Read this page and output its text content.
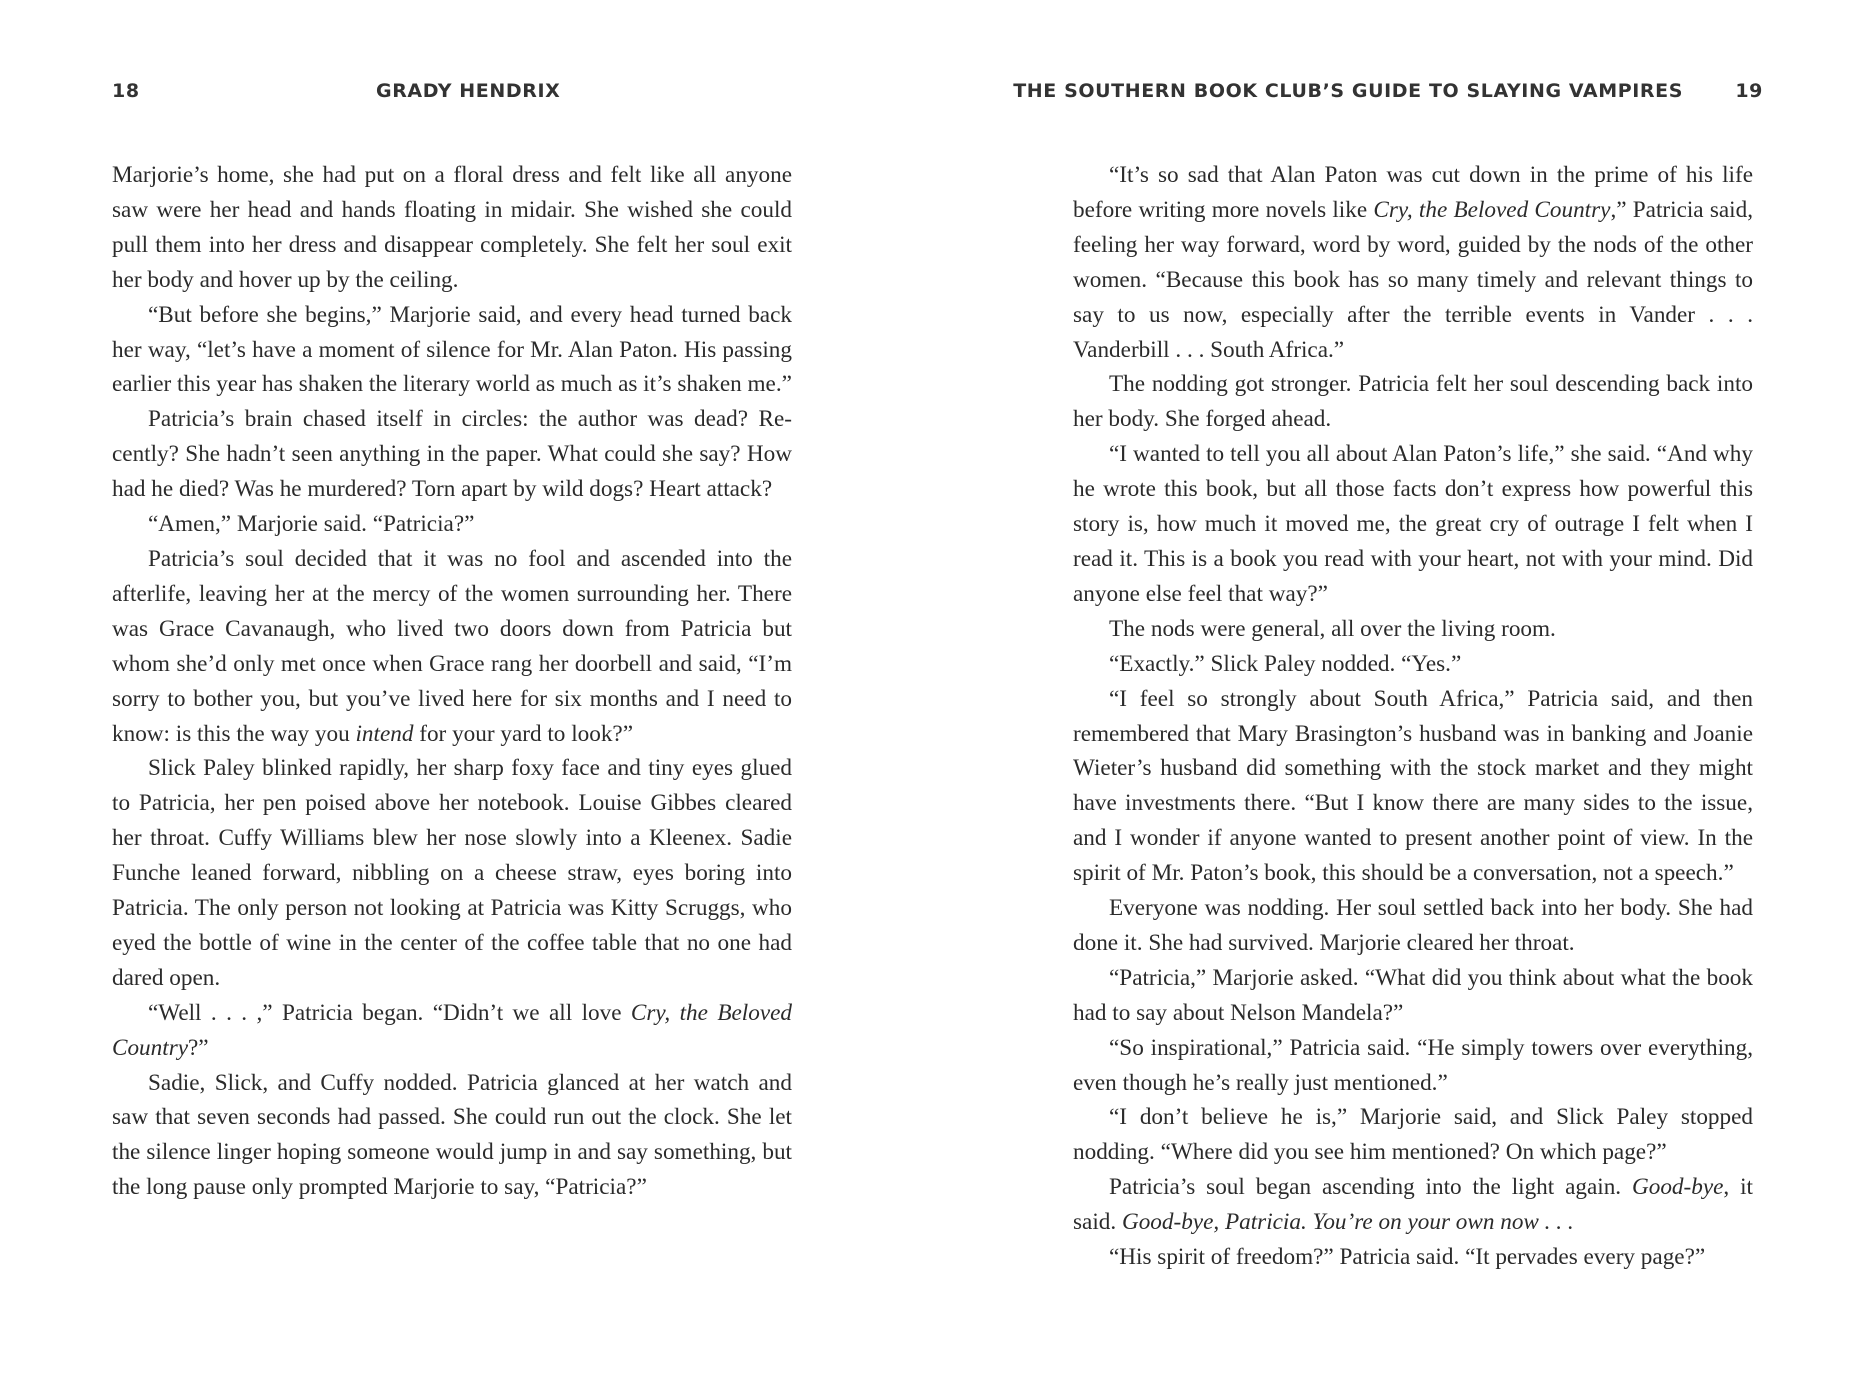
18	GRADY HENDRIX

Marjorie’s home, she had put on a floral dress and felt like all anyone saw were her head and hands floating in midair. She wished she could pull them into her dress and disappear completely. She felt her soul exit her body and hover up by the ceiling.

“But before she begins,” Marjorie said, and every head turned back her way, “let’s have a moment of silence for Mr. Alan Paton. His passing earlier this year has shaken the literary world as much as it’s shaken me.”

Patricia’s brain chased itself in circles: the author was dead? Recently? She hadn’t seen anything in the paper. What could she say? How had he died? Was he murdered? Torn apart by wild dogs? Heart attack?

“Amen,” Marjorie said. “Patricia?”

Patricia’s soul decided that it was no fool and ascended into the afterlife, leaving her at the mercy of the women surrounding her. There was Grace Cavanaugh, who lived two doors down from Patricia but whom she’d only met once when Grace rang her doorbell and said, “I’m sorry to bother you, but you’ve lived here for six months and I need to know: is this the way you intend for your yard to look?”

Slick Paley blinked rapidly, her sharp foxy face and tiny eyes glued to Patricia, her pen poised above her notebook. Louise Gibbes cleared her throat. Cuffy Williams blew her nose slowly into a Kleenex. Sadie Funche leaned forward, nibbling on a cheese straw, eyes boring into Patricia. The only person not looking at Patricia was Kitty Scruggs, who eyed the bottle of wine in the center of the coffee table that no one had dared open.

“Well . . . ,” Patricia began. “Didn’t we all love Cry, the Beloved Country?”

Sadie, Slick, and Cuffy nodded. Patricia glanced at her watch and saw that seven seconds had passed. She could run out the clock. She let the silence linger hoping someone would jump in and say something, but the long pause only prompted Marjorie to say, “Patricia?”

THE SOUTHERN BOOK CLUB’S GUIDE TO SLAYING VAMPIRES	19

“It’s so sad that Alan Paton was cut down in the prime of his life before writing more novels like Cry, the Beloved Country,” Patricia said, feeling her way forward, word by word, guided by the nods of the other women. “Because this book has so many timely and relevant things to say to us now, especially after the terrible events in Vander . . . Vanderbill . . . South Africa.”

The nodding got stronger. Patricia felt her soul descending back into her body. She forged ahead.

“I wanted to tell you all about Alan Paton’s life,” she said. “And why he wrote this book, but all those facts don’t express how powerful this story is, how much it moved me, the great cry of outrage I felt when I read it. This is a book you read with your heart, not with your mind. Did anyone else feel that way?”

The nods were general, all over the living room.

“Exactly.” Slick Paley nodded. “Yes.”

“I feel so strongly about South Africa,” Patricia said, and then remembered that Mary Brasington’s husband was in banking and Joanie Wieter’s husband did something with the stock market and they might have investments there. “But I know there are many sides to the issue, and I wonder if anyone wanted to present another point of view. In the spirit of Mr. Paton’s book, this should be a conversation, not a speech.”

Everyone was nodding. Her soul settled back into her body. She had done it. She had survived. Marjorie cleared her throat.

“Patricia,” Marjorie asked. “What did you think about what the book had to say about Nelson Mandela?”

“So inspirational,” Patricia said. “He simply towers over everything, even though he’s really just mentioned.”

“I don’t believe he is,” Marjorie said, and Slick Paley stopped nodding. “Where did you see him mentioned? On which page?”

Patricia’s soul began ascending into the light again. Good-bye, it said. Good-bye, Patricia. You’re on your own now . . .

“His spirit of freedom?” Patricia said. “It pervades every page?”
